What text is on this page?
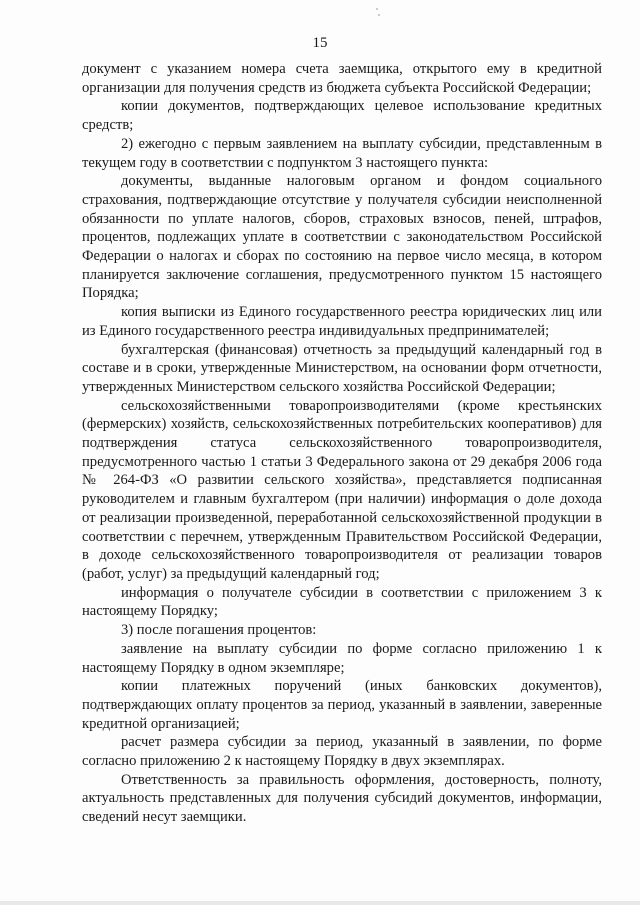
15

документ с указанием номера счета заемщика, открытого ему в кредитной организации для получения средств из бюджета субъекта Российской Федерации;

копии документов, подтверждающих целевое использование кредитных средств;

2) ежегодно с первым заявлением на выплату субсидии, представленным в текущем году в соответствии с подпунктом 3 настоящего пункта:

документы, выданные налоговым органом и фондом социального страхования, подтверждающие отсутствие у получателя субсидии неисполненной обязанности по уплате налогов, сборов, страховых взносов, пеней, штрафов, процентов, подлежащих уплате в соответствии с законодательством Российской Федерации о налогах и сборах по состоянию на первое число месяца, в котором планируется заключение соглашения, предусмотренного пунктом 15 настоящего Порядка;

копия выписки из Единого государственного реестра юридических лиц или из Единого государственного реестра индивидуальных предпринимателей;

бухгалтерская (финансовая) отчетность за предыдущий календарный год в составе и в сроки, утвержденные Министерством, на основании форм отчетности, утвержденных Министерством сельского хозяйства Российской Федерации;

сельскохозяйственными товаропроизводителями (кроме крестьянских (фермерских) хозяйств, сельскохозяйственных потребительских кооперативов) для подтверждения статуса сельскохозяйственного товаропроизводителя, предусмотренного частью 1 статьи 3 Федерального закона от 29 декабря 2006 года № 264-ФЗ «О развитии сельского хозяйства», представляется подписанная руководителем и главным бухгалтером (при наличии) информация о доле дохода от реализации произведенной, переработанной сельскохозяйственной продукции в соответствии с перечнем, утвержденным Правительством Российской Федерации, в доходе сельскохозяйственного товаропроизводителя от реализации товаров (работ, услуг) за предыдущий календарный год;

информация о получателе субсидии в соответствии с приложением 3 к настоящему Порядку;

3) после погашения процентов:

заявление на выплату субсидии по форме согласно приложению 1 к настоящему Порядку в одном экземпляре;

копии платежных поручений (иных банковских документов), подтверждающих оплату процентов за период, указанный в заявлении, заверенные кредитной организацией;

расчет размера субсидии за период, указанный в заявлении, по форме согласно приложению 2 к настоящему Порядку в двух экземплярах.

Ответственность за правильность оформления, достоверность, полноту, актуальность представленных для получения субсидий документов, информации, сведений несут заемщики.
